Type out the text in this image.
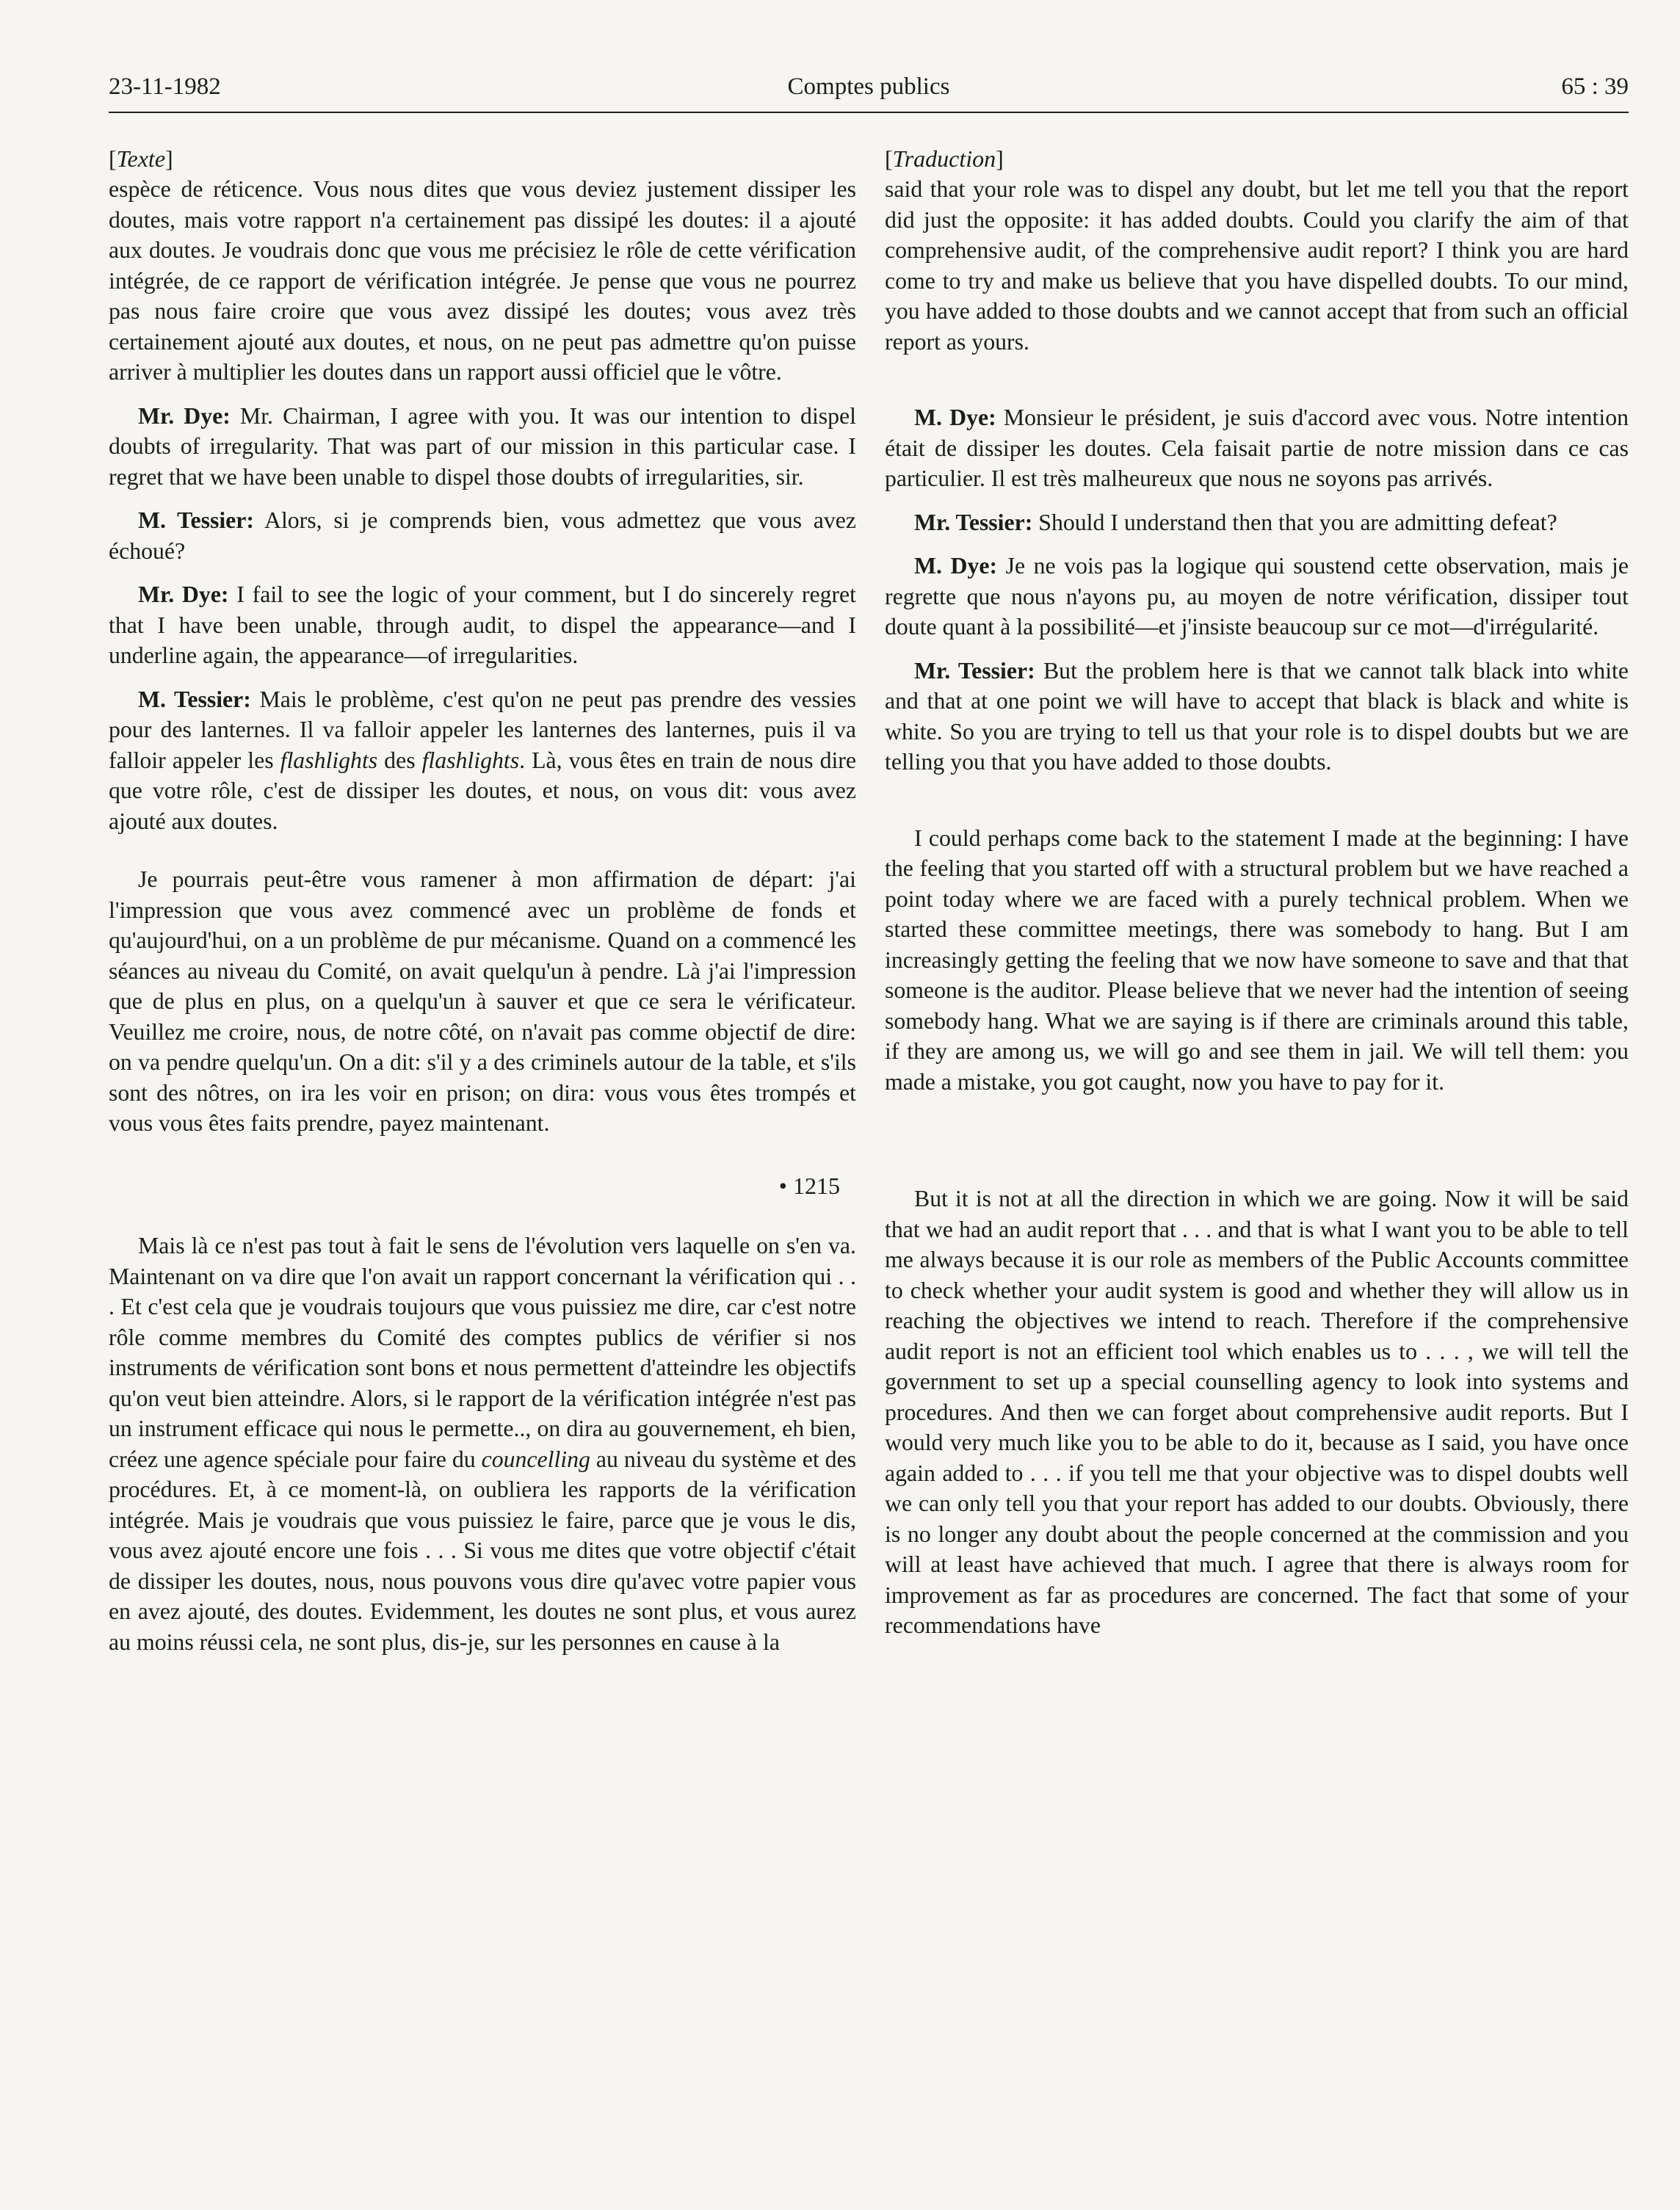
23-11-1982	Comptes publics	65 : 39
[Texte]

espèce de réticence. Vous nous dites que vous deviez justement dissiper les doutes, mais votre rapport n'a certainement pas dissipé les doutes: il a ajouté aux doutes. Je voudrais donc que vous me précisiez le rôle de cette vérification intégrée, de ce rapport de vérification intégrée. Je pense que vous ne pourrez pas nous faire croire que vous avez dissipé les doutes; vous avez très certainement ajouté aux doutes, et nous, on ne peut pas admettre qu'on puisse arriver à multiplier les doutes dans un rapport aussi officiel que le vôtre.

Mr. Dye: Mr. Chairman, I agree with you. It was our intention to dispel doubts of irregularity. That was part of our mission in this particular case. I regret that we have been unable to dispel those doubts of irregularities, sir.

M. Tessier: Alors, si je comprends bien, vous admettez que vous avez échoué?

Mr. Dye: I fail to see the logic of your comment, but I do sincerely regret that I have been unable, through audit, to dispel the appearance—and I underline again, the appearance—of irregularities.

M. Tessier: Mais le problème, c'est qu'on ne peut pas prendre des vessies pour des lanternes. Il va falloir appeler les lanternes des lanternes, puis il va falloir appeler les flashlights des flashlights. Là, vous êtes en train de nous dire que votre rôle, c'est de dissiper les doutes, et nous, on vous dit: vous avez ajouté aux doutes.

Je pourrais peut-être vous ramener à mon affirmation de départ: j'ai l'impression que vous avez commencé avec un problème de fonds et qu'aujourd'hui, on a un problème de pur mécanisme. Quand on a commencé les séances au niveau du Comité, on avait quelqu'un à pendre. Là j'ai l'impression que de plus en plus, on a quelqu'un à sauver et que ce sera le vérificateur. Veuillez me croire, nous, de notre côté, on n'avait pas comme objectif de dire: on va pendre quelqu'un. On a dit: s'il y a des criminels autour de la table, et s'ils sont des nôtres, on ira les voir en prison; on dira: vous vous êtes trompés et vous vous êtes faits prendre, payez maintenant.

• 1215

Mais là ce n'est pas tout à fait le sens de l'évolution vers laquelle on s'en va. Maintenant on va dire que l'on avait un rapport concernant la vérification qui . . . Et c'est cela que je voudrais toujours que vous puissiez me dire, car c'est notre rôle comme membres du Comité des comptes publics de vérifier si nos instruments de vérification sont bons et nous permettent d'atteindre les objectifs qu'on veut bien atteindre. Alors, si le rapport de la vérification intégrée n'est pas un instrument efficace qui nous le permette.., on dira au gouvernement, eh bien, créez une agence spéciale pour faire du councelling au niveau du système et des procédures. Et, à ce moment-là, on oubliera les rapports de la vérification intégrée. Mais je voudrais que vous puissiez le faire, parce que je vous le dis, vous avez ajouté encore une fois . . . Si vous me dites que votre objectif c'était de dissiper les doutes, nous, nous pouvons vous dire qu'avec votre papier vous en avez ajouté, des doutes. Evidemment, les doutes ne sont plus, et vous aurez au moins réussi cela, ne sont plus, dis-je, sur les personnes en cause à la

[Traduction]

said that your role was to dispel any doubt, but let me tell you that the report did just the opposite: it has added doubts. Could you clarify the aim of that comprehensive audit, of the comprehensive audit report? I think you are hard come to try and make us believe that you have dispelled doubts. To our mind, you have added to those doubts and we cannot accept that from such an official report as yours.

M. Dye: Monsieur le président, je suis d'accord avec vous. Notre intention était de dissiper les doutes. Cela faisait partie de notre mission dans ce cas particulier. Il est très malheureux que nous ne soyons pas arrivés.

Mr. Tessier: Should I understand then that you are admitting defeat?

M. Dye: Je ne vois pas la logique qui soustend cette observation, mais je regrette que nous n'ayons pu, au moyen de notre vérification, dissiper tout doute quant à la possibilité—et j'insiste beaucoup sur ce mot—d'irrégularité.

Mr. Tessier: But the problem here is that we cannot talk black into white and that at one point we will have to accept that black is black and white is white. So you are trying to tell us that your role is to dispel doubts but we are telling you that you have added to those doubts.

I could perhaps come back to the statement I made at the beginning: I have the feeling that you started off with a structural problem but we have reached a point today where we are faced with a purely technical problem. When we started these committee meetings, there was somebody to hang. But I am increasingly getting the feeling that we now have someone to save and that that someone is the auditor. Please believe that we never had the intention of seeing somebody hang. What we are saying is if there are criminals around this table, if they are among us, we will go and see them in jail. We will tell them: you made a mistake, you got caught, now you have to pay for it.

But it is not at all the direction in which we are going. Now it will be said that we had an audit report that . . . and that is what I want you to be able to tell me always because it is our role as members of the Public Accounts committee to check whether your audit system is good and whether they will allow us in reaching the objectives we intend to reach. Therefore if the comprehensive audit report is not an efficient tool which enables us to . . . , we will tell the government to set up a special counselling agency to look into systems and procedures. And then we can forget about comprehensive audit reports. But I would very much like you to be able to do it, because as I said, you have once again added to . . . if you tell me that your objective was to dispel doubts well we can only tell you that your report has added to our doubts. Obviously, there is no longer any doubt about the people concerned at the commission and you will at least have achieved that much. I agree that there is always room for improvement as far as procedures are concerned. The fact that some of your recommendations have
